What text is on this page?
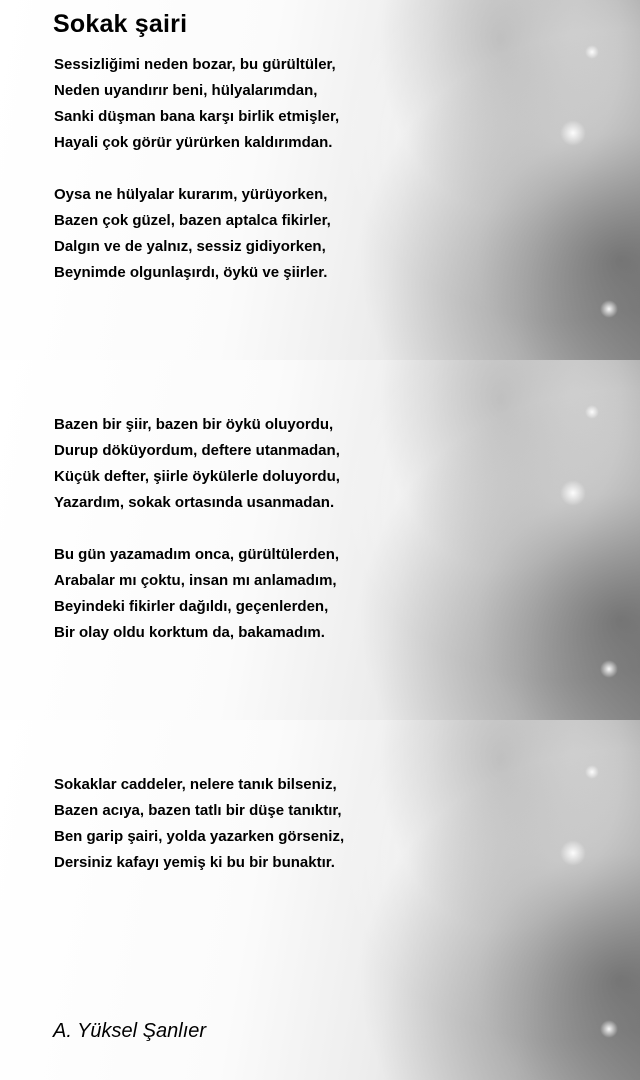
Sokak şairi

Sessizliğimi neden bozar, bu gürültüler,
Neden uyandırır beni, hülyalarımdan,
Sanki düşman bana karşı birlik etmişler,
Hayali çok görür yürürken kaldırımdan.

Oysa ne hülyalar kurarım, yürüyorken,
Bazen çok güzel, bazen aptalca fikirler,
Dalgın ve de yalnız, sessiz gidiyorken,
Beynimde olgunlaşırdı, öykü ve şiirler.

Bazen bir şiir, bazen bir öykü oluyordu,
Durup döküyordum, deftere utanmadan,
Küçük defter, şiirle öykülerle doluyordu,
Yazardım, sokak ortasında usanmadan.

Bu gün yazamadım onca, gürültülerden,
Arabalar mı çoktu, insan mı anlamadım,
Beyindeki fikirler dağıldı, geçenlerden,
Bir olay oldu korktum da, bakamadım.

Sokaklar caddeler, nelere tanık bilseniz,
Bazen acıya, bazen tatlı bir düşe tanıktır,
Ben garip şairi, yolda yazarken görseniz,
Dersiniz kafayı yemiş ki bu bir bunaktır.

A. Yüksel Şanlıer
